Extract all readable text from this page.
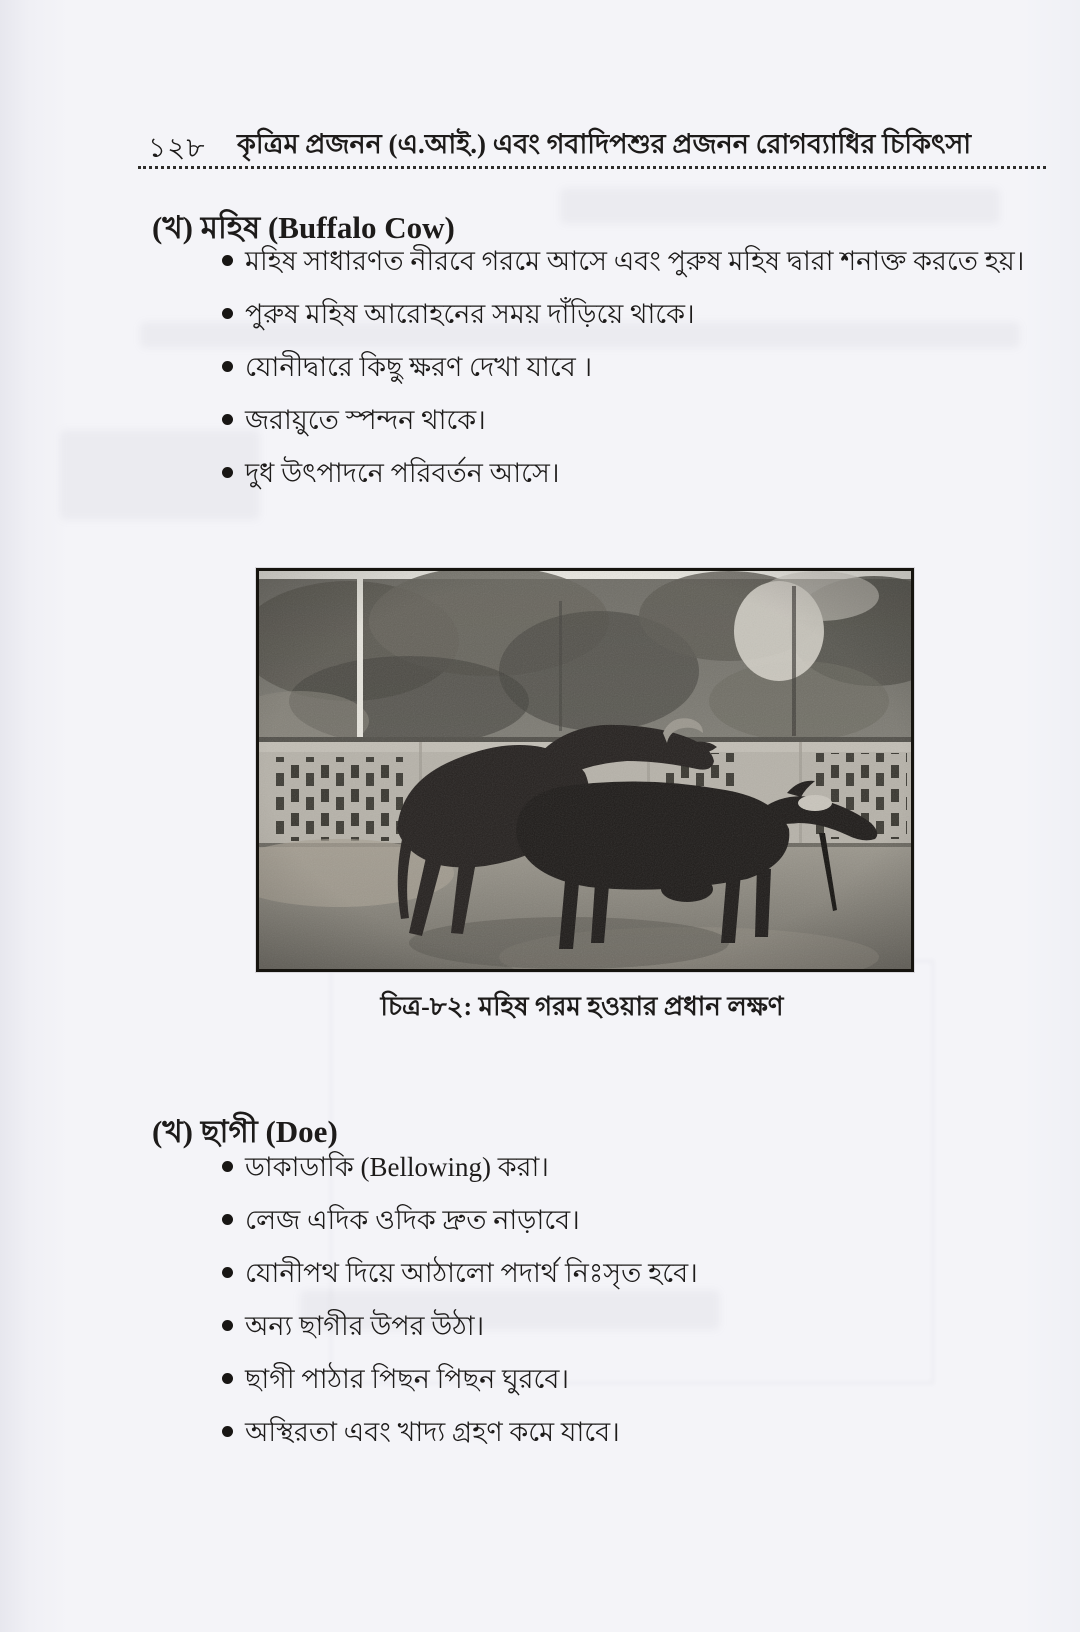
১২৮ কৃত্রিম প্রজনন (এ.আই.) এবং গবাদিপশুর প্রজনন রোগব্যাধির চিকিৎসা
(খ) মহিষ (Buffalo Cow)
মহিষ সাধারণত নীরবে গরমে আসে এবং পুরুষ মহিষ দ্বারা শনাক্ত করতে হয়।
পুরুষ মহিষ আরোহনের সময় দাঁড়িয়ে থাকে।
যোনীদ্বারে কিছু ক্ষরণ দেখা যাবে ।
জরায়ুতে স্পন্দন থাকে।
দুধ উৎপাদনে পরিবর্তন আসে।
চিত্র-৮২: মহিষ গরম হওয়ার প্রধান লক্ষণ
(খ) ছাগী (Doe)
ডাকাডাকি (Bellowing) করা।
লেজ এদিক ওদিক দ্রুত নাড়াবে।
যোনীপথ দিয়ে আঠালো পদার্থ নিঃসৃত হবে।
অন্য ছাগীর উপর উঠা।
ছাগী পাঠার পিছন পিছন ঘুরবে।
অস্থিরতা এবং খাদ্য গ্রহণ কমে যাবে।
